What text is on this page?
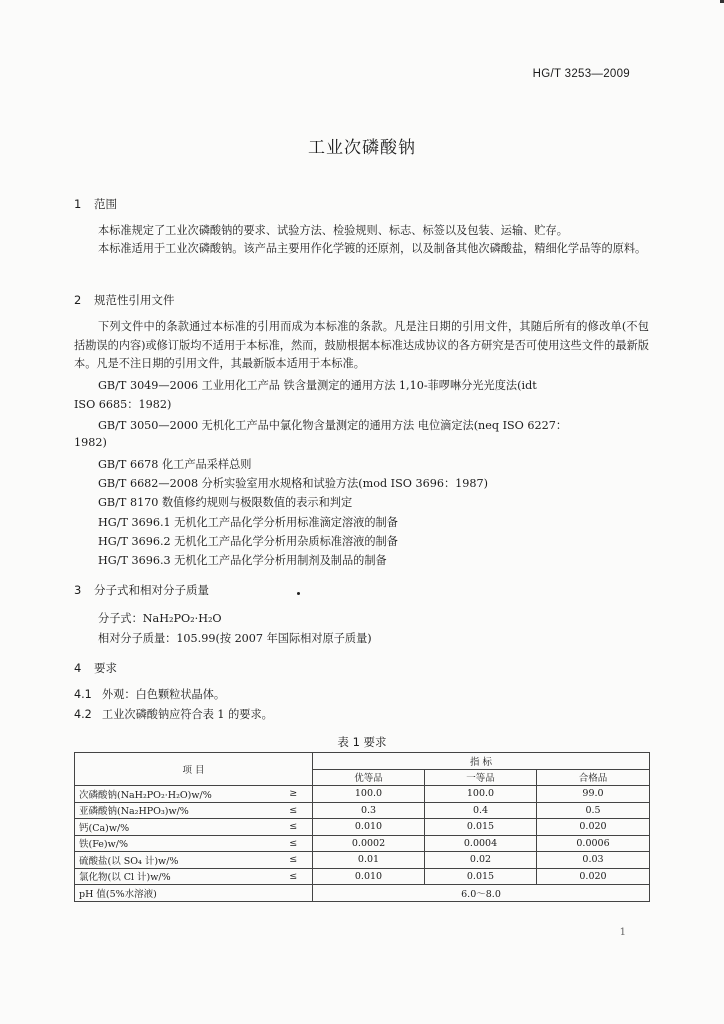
HG/T 3253—2009
工业次磷酸钠
1 范围
本标准规定了工业次磷酸钠的要求、试验方法、检验规则、标志、标签以及包装、运输、贮存。
本标准适用于工业次磷酸钠。该产品主要用作化学镀的还原剂，以及制备其他次磷酸盐，精细化学品等的原料。
2 规范性引用文件
下列文件中的条款通过本标准的引用而成为本标准的条款。凡是注日期的引用文件，其随后所有的修改单(不包括勘误的内容)或修订版均不适用于本标准，然而，鼓励根据本标准达成协议的各方研究是否可使用这些文件的最新版本。凡是不注日期的引用文件，其最新版本适用于本标准。
GB/T 3049—2006 工业用化工产品 铁含量测定的通用方法 1,10-菲啰啉分光光度法(idt
ISO 6685：1982)
GB/T 3050—2000 无机化工产品中氯化物含量测定的通用方法 电位滴定法(neq ISO 6227：
1982)
GB/T 6678 化工产品采样总则
GB/T 6682—2008 分析实验室用水规格和试验方法(mod ISO 3696：1987)
GB/T 8170 数值修约规则与极限数值的表示和判定
HG/T 3696.1 无机化工产品化学分析用标准滴定溶液的制备
HG/T 3696.2 无机化工产品化学分析用杂质标准溶液的制备
HG/T 3696.3 无机化工产品化学分析用制剂及制品的制备
3 分子式和相对分子质量
分子式：NaH₂PO₂·H₂O
相对分子质量：105.99(按 2007 年国际相对原子质量)
4 要求
4.1 外观：白色颗粒状晶体。
4.2 工业次磷酸钠应符合表 1 的要求。
表 1 要求
项 目		指 标		
		优等品	一等品	合格品
次磷酸钠(NaH₂PO₂·H₂O)w/%	≥	100.0	100.0	99.0
亚磷酸钠(Na₂HPO₃)w/%	≤	0.3	0.4	0.5
钙(Ca)w/%	≤	0.010	0.015	0.020
铁(Fe)w/%	≤	0.0002	0.0004	0.0006
硫酸盐(以 SO₄ 计)w/%	≤	0.01	0.02	0.03
氯化物(以 Cl 计)w/%	≤	0.010	0.015	0.020
pH 值(5%水溶液)		6.0～8.0		
1
